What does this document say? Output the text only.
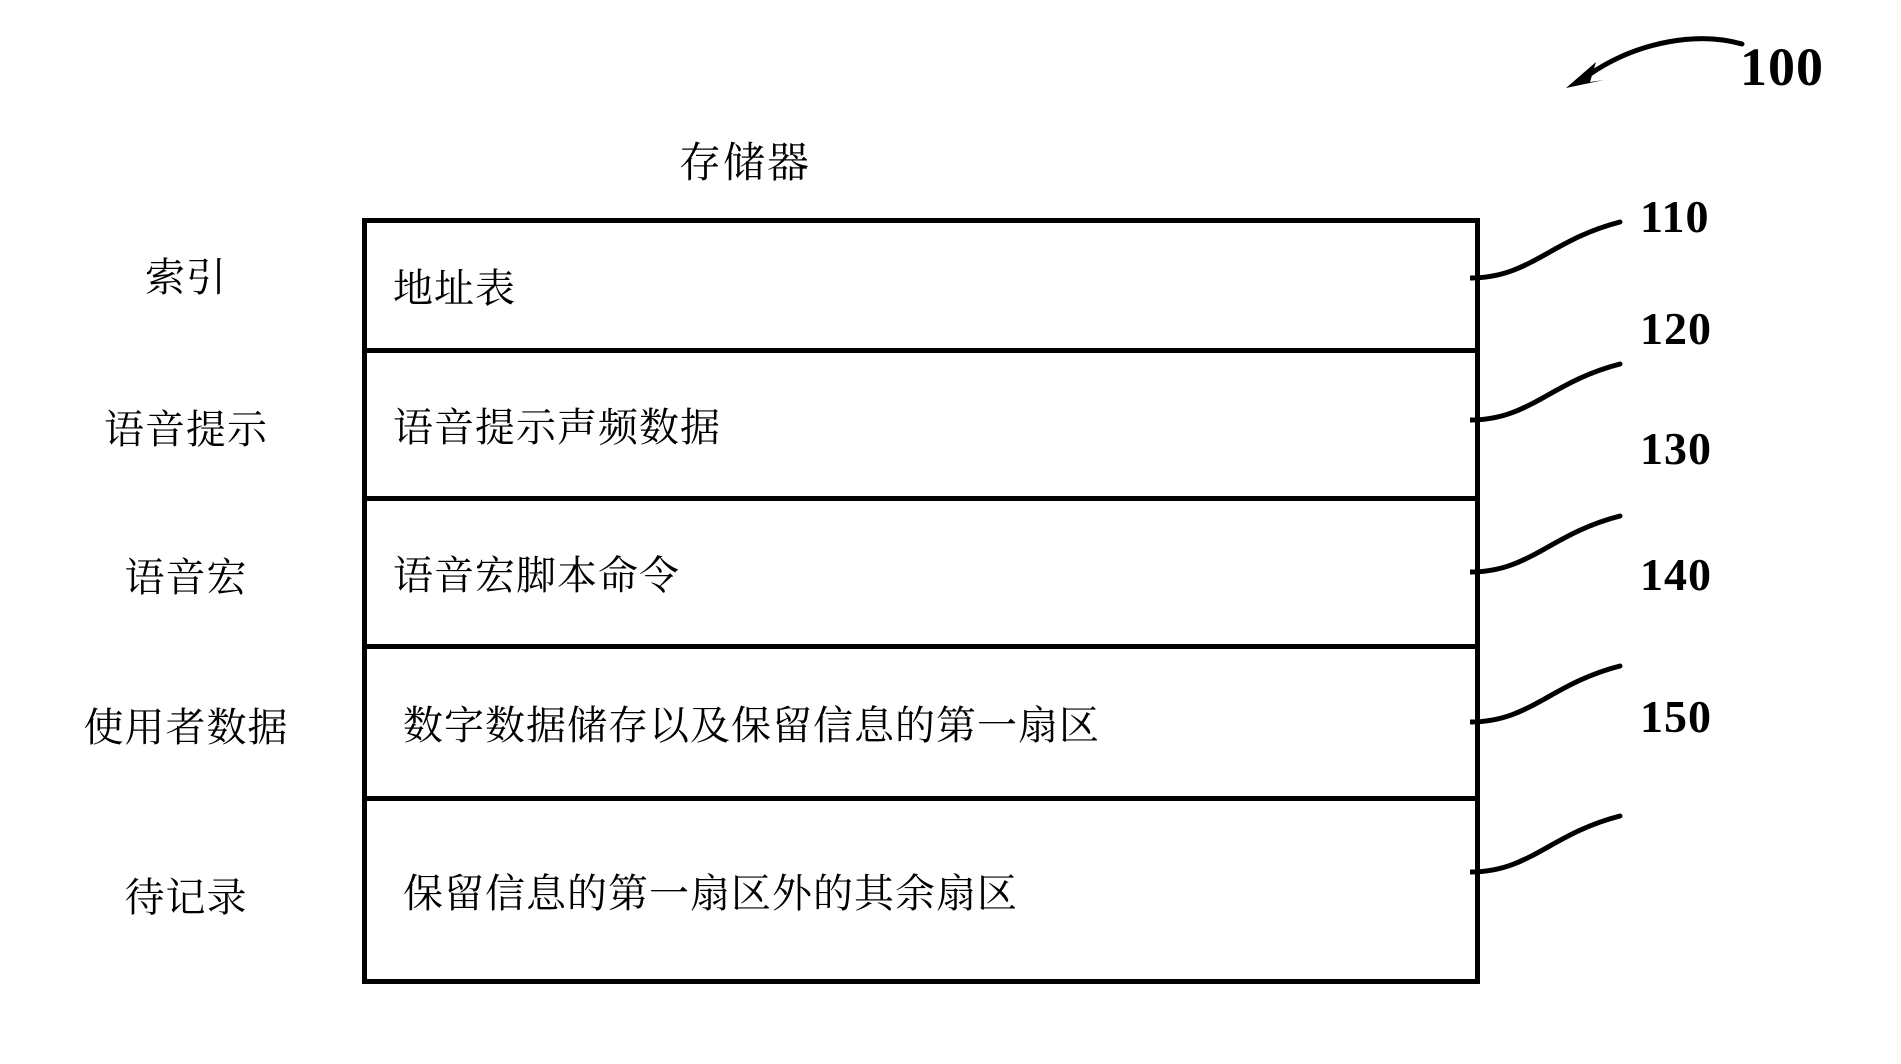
100
存储器
索引
语音提示
语音宏
使用者数据
待记录
地址表
语音提示声频数据
语音宏脚本命令
数字数据储存以及保留信息的第一扇区
保留信息的第一扇区外的其余扇区
110
120
130
140
150
